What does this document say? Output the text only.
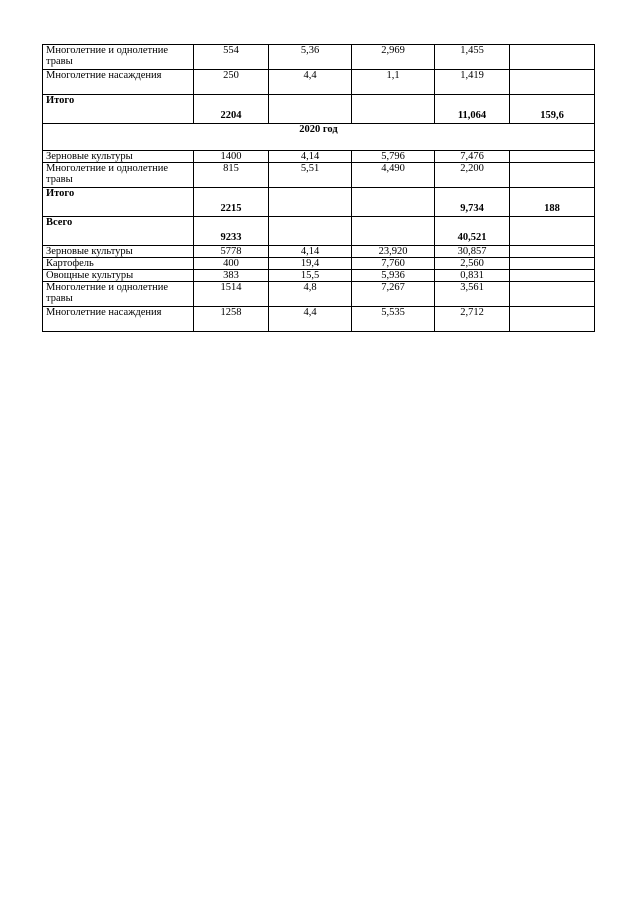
Многолетние и однолетние травы	554	5,36	2,969	1,455	
Многолетние насаждения	250	4,4	1,1	1,419	
Итого	2204			11,064	159,6
2020 год					
Зерновые культуры	1400	4,14	5,796	7,476	
Многолетние и однолетние травы	815	5,51	4,490	2,200	
Итого	2215			9,734	188
Всего	9233			40,521	
Зерновые культуры	5778	4,14	23,920	30,857	
Картофель	400	19,4	7,760	2,560	
Овощные культуры	383	15,5	5,936	0,831	
Многолетние и однолетние травы	1514	4,8	7,267	3,561	
Многолетние насаждения	1258	4,4	5,535	2,712	
